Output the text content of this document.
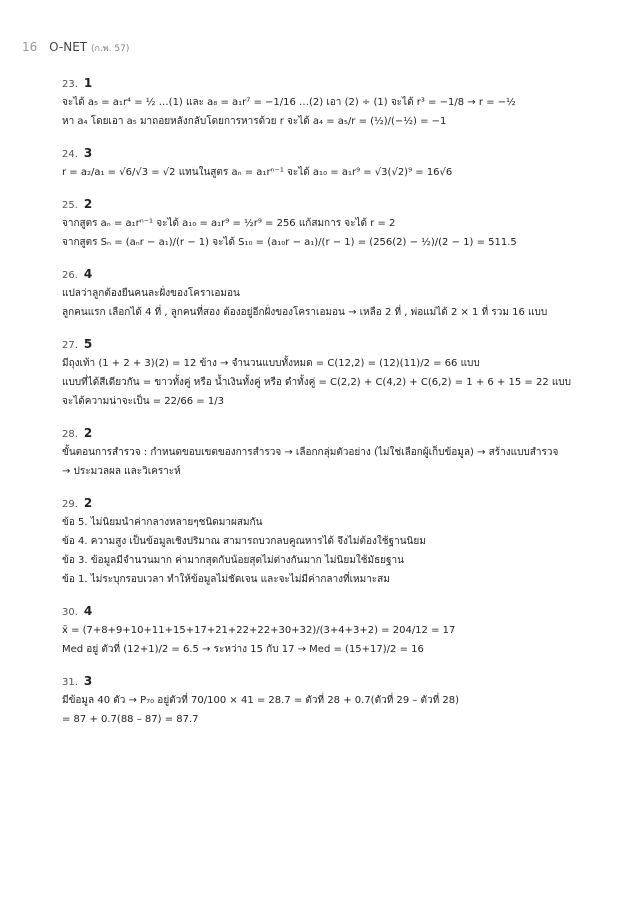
16 O-NET (ก.พ. 57)
23. 1
จะได้ a₅ = a₁r⁴ = ½ …(1) และ a₈ = a₁r⁷ = −1/16 …(2) เอา (2) ÷ (1) จะได้ r³ = −1/8 → r = −½
หา a₄ โดยเอา a₅ มาถอยหลังกลับโดยการหารด้วย r จะได้ a₄ = a₅/r = (½)/(−½) = −1
24. 3
r = a₂/a₁ = √6/√3 = √2 แทนในสูตร aₙ = a₁rⁿ⁻¹ จะได้ a₁₀ = a₁r⁹ = √3(√2)⁹ = 16√6
25. 2
จากสูตร aₙ = a₁rⁿ⁻¹ จะได้ a₁₀ = a₁r⁹ = ½r⁹ = 256 แก้สมการ จะได้ r = 2
จากสูตร Sₙ = (aₙr − a₁)/(r − 1) จะได้ S₁₀ = (a₁₀r − a₁)/(r − 1) = (256(2) − ½)/(2 − 1) = 511.5
26. 4
แปลว่าลูกต้องยืนคนละฝั่งของโคราเอมอน
ลูกคนแรก เลือกได้ 4 ที่ , ลูกคนที่สอง ต้องอยู่อีกฝั่งของโคราเอมอน → เหลือ 2 ที่ , พ่อแม่ได้ 2 × 1 ที่ รวม 16 แบบ
27. 5
มีถุงเท้า (1 + 2 + 3)(2) = 12 ข้าง → จำนวนแบบทั้งหมด = C(12,2) = (12)(11)/2 = 66 แบบ
แบบที่ได้สีเดียวกัน = ขาวทั้งคู่ หรือ น้ำเงินทั้งคู่ หรือ ดำทั้งคู่ = C(2,2) + C(4,2) + C(6,2) = 1 + 6 + 15 = 22 แบบ
จะได้ความน่าจะเป็น = 22/66 = 1/3
28. 2
ขั้นตอนการสำรวจ : กำหนดขอบเขตของการสำรวจ → เลือกกลุ่มตัวอย่าง (ไม่ใช่เลือกผู้เก็บข้อมูล) → สร้างแบบสำรวจ
→ ประมวลผล และวิเคราะห์
29. 2
ข้อ 5. ไม่นิยมนำค่ากลางหลายๆชนิดมาผสมกัน
ข้อ 4. ความสูง เป็นข้อมูลเชิงปริมาณ สามารถบวกลบคูณหารได้ จึงไม่ต้องใช้ฐานนิยม
ข้อ 3. ข้อมูลมีจำนวนมาก ค่ามากสุดกับน้อยสุดไม่ต่างกันมาก ไม่นิยมใช้มัธยฐาน
ข้อ 1. ไม่ระบุกรอบเวลา ทำให้ข้อมูลไม่ชัดเจน และจะไม่มีค่ากลางที่เหมาะสม
30. 4
x̄ = (7+8+9+10+11+15+17+21+22+22+30+32)/(3+4+3+2) = 204/12 = 17
Med อยู่ ตัวที่ (12+1)/2 = 6.5 → ระหว่าง 15 กับ 17 → Med = (15+17)/2 = 16
31. 3
มีข้อมูล 40 ตัว → P₇₀ อยู่ตัวที่ 70/100 × 41 = 28.7 = ตัวที่ 28 + 0.7(ตัวที่ 29 – ตัวที่ 28)
= 87 + 0.7(88 – 87) = 87.7
